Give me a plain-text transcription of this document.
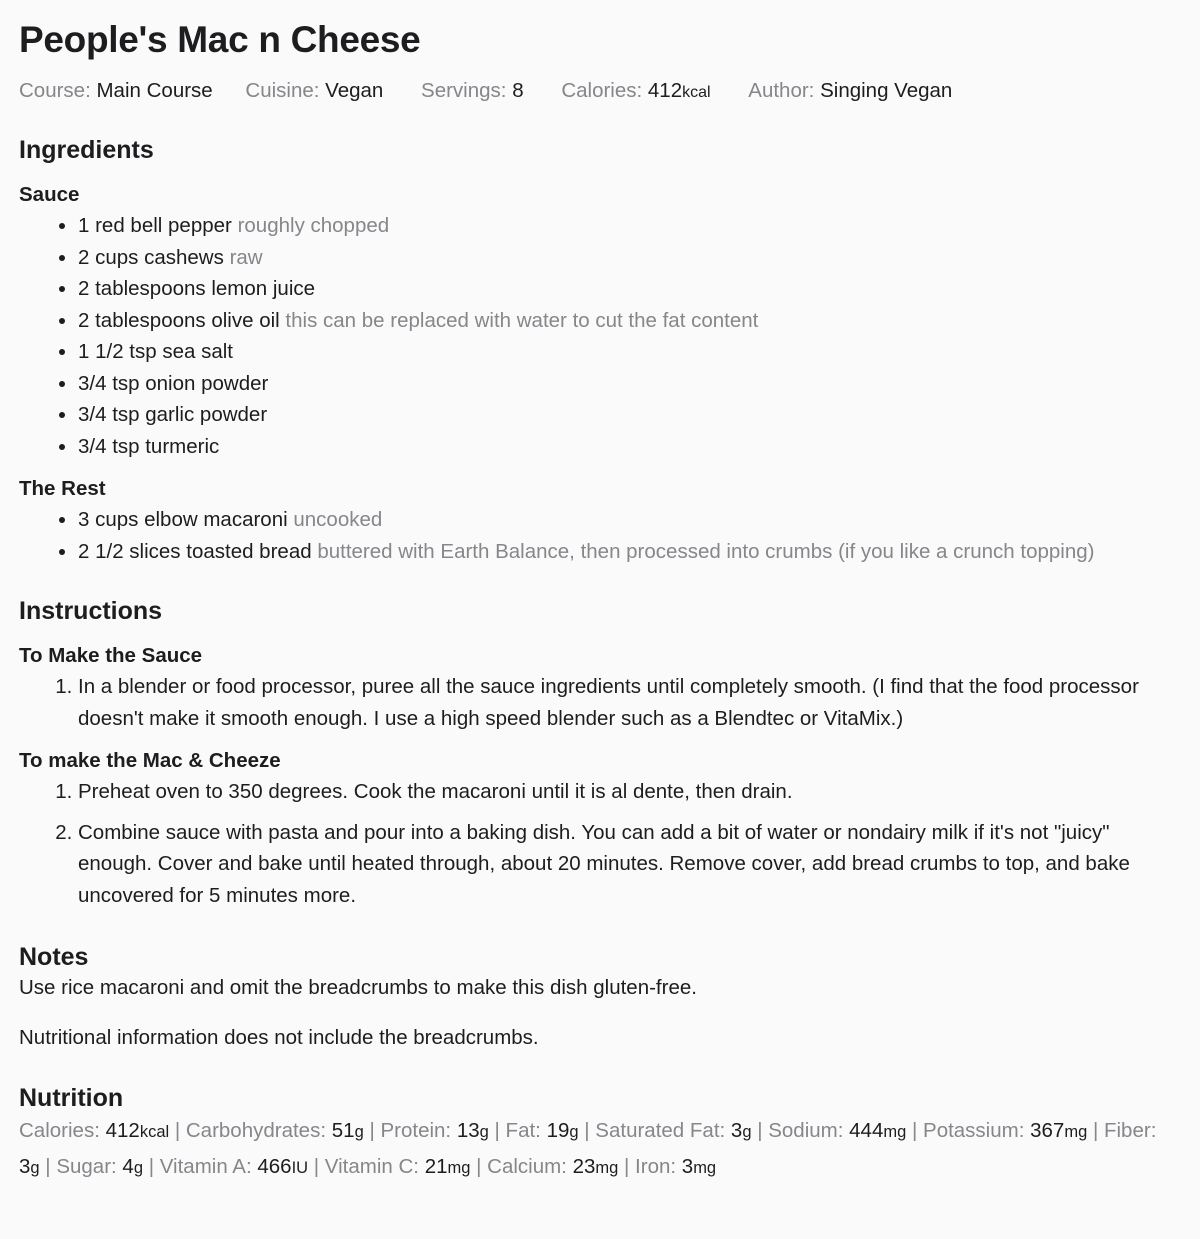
People's Mac n Cheese
Course: Main Course Cuisine: Vegan Servings: 8 Calories: 412kcal Author: Singing Vegan
Ingredients
Sauce
• 1 red bell pepper roughly chopped
• 2 cups cashews raw
• 2 tablespoons lemon juice
• 2 tablespoons olive oil this can be replaced with water to cut the fat content
• 1 1/2 tsp sea salt
• 3/4 tsp onion powder
• 3/4 tsp garlic powder
• 3/4 tsp turmeric
The Rest
• 3 cups elbow macaroni uncooked
• 2 1/2 slices toasted bread buttered with Earth Balance, then processed into crumbs (if you like a crunch topping)
Instructions
To Make the Sauce
1. In a blender or food processor, puree all the sauce ingredients until completely smooth. (I find that the food processor doesn't make it smooth enough. I use a high speed blender such as a Blendtec or VitaMix.)
To make the Mac & Cheeze
1. Preheat oven to 350 degrees. Cook the macaroni until it is al dente, then drain.
2. Combine sauce with pasta and pour into a baking dish. You can add a bit of water or nondairy milk if it's not "juicy" enough. Cover and bake until heated through, about 20 minutes. Remove cover, add bread crumbs to top, and bake uncovered for 5 minutes more.
Notes

Use rice macaroni and omit the breadcrumbs to make this dish gluten-free.

Nutritional information does not include the breadcrumbs.

Nutrition

Calories: 412kcal | Carbohydrates: 51g | Protein: 13g | Fat: 19g | Saturated Fat: 3g | Sodium: 444mg | Potassium: 367mg | Fiber: 3g | Sugar: 4g | Vitamin A: 466IU | Vitamin C: 21mg | Calcium: 23mg | Iron: 3mg
